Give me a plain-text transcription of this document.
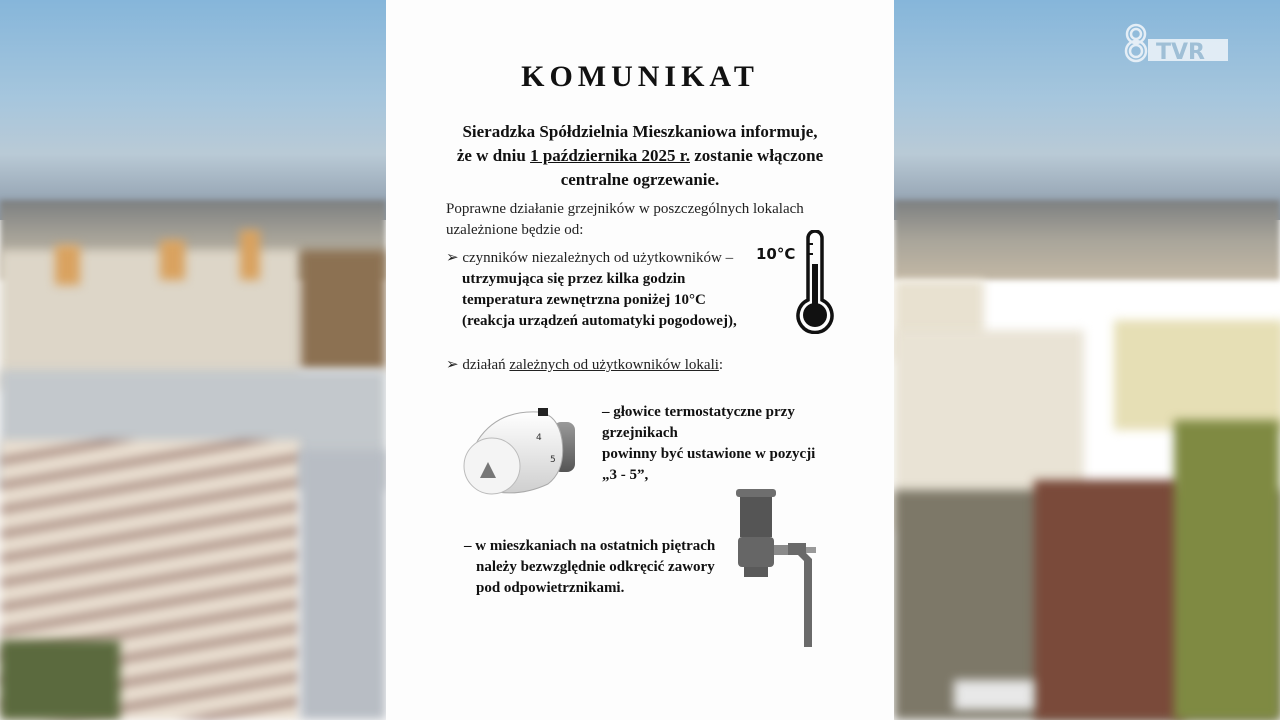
KOMUNIKAT
Sieradzka Spółdzielnia Mieszkaniowa informuje,
że w dniu 1 października 2025 r. zostanie włączone
centralne ogrzewanie.
Poprawne działanie grzejników w poszczególnych lokalach uzależnione będzie od:
➢ czynników niezależnych od użytkowników –
utrzymująca się przez kilka godzin
temperatura zewnętrzna poniżej 10°C
(reakcja urządzeń automatyki pogodowej),
10°C
➢ działań zależnych od użytkowników lokali:
4
5
– głowice termostatyczne przy
grzejnikach
powinny być ustawione w pozycji
„3 - 5”,
– w mieszkaniach na ostatnich piętrach
należy bezwzględnie odkręcić zawory
pod odpowietrznikami.
TVR
